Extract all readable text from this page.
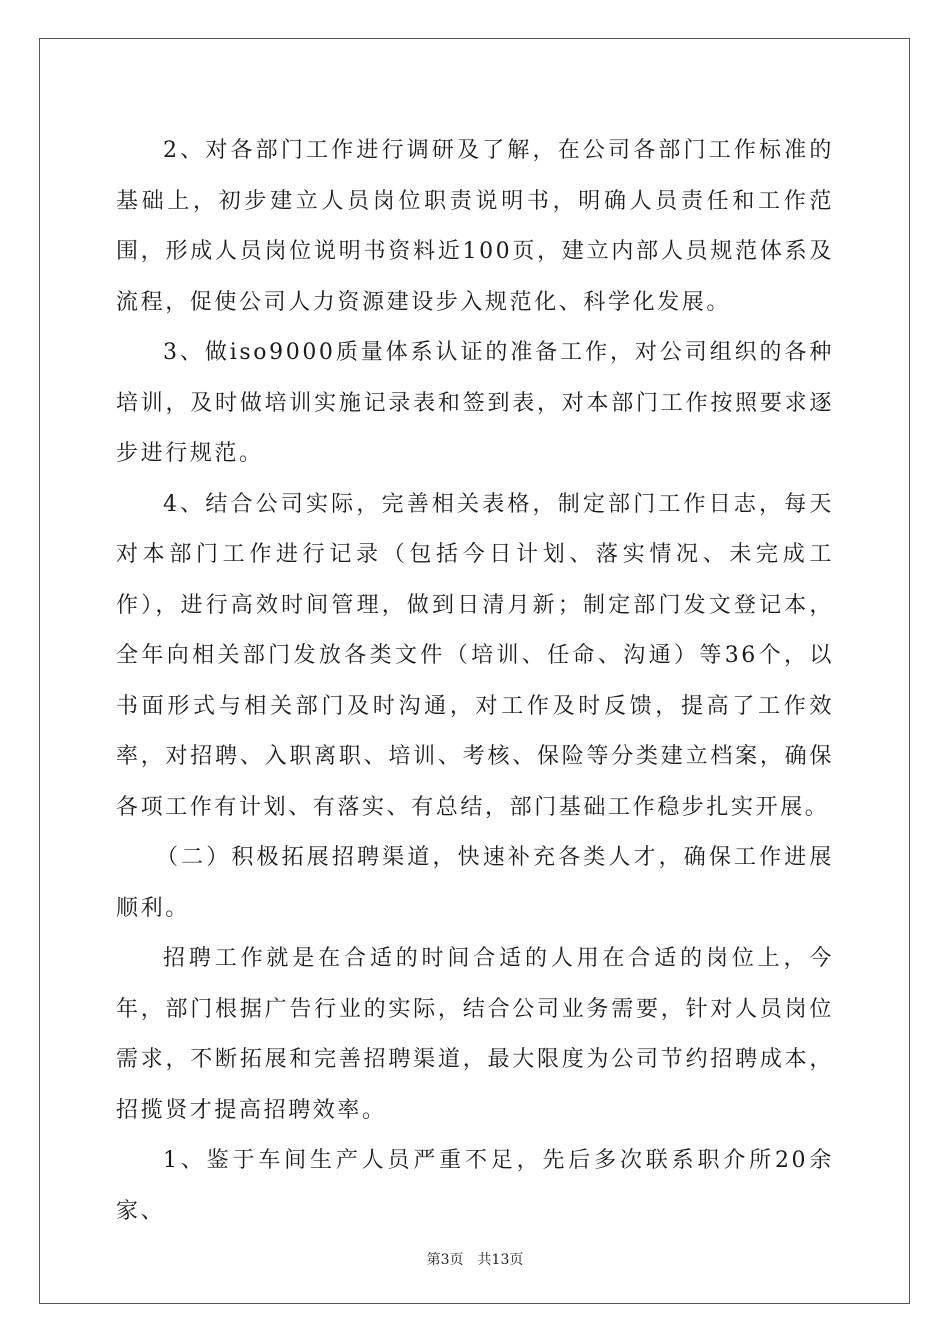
2、对各部门工作进行调研及了解，在公司各部门工作标准的基础上，初步建立人员岗位职责说明书，明确人员责任和工作范围，形成人员岗位说明书资料近100页，建立内部人员规范体系及流程，促使公司人力资源建设步入规范化、科学化发展。

3、做iso9000质量体系认证的准备工作，对公司组织的各种培训，及时做培训实施记录表和签到表，对本部门工作按照要求逐步进行规范。

4、结合公司实际，完善相关表格，制定部门工作日志，每天对本部门工作进行记录（包括今日计划、落实情况、未完成工作），进行高效时间管理，做到日清月新；制定部门发文登记本，全年向相关部门发放各类文件（培训、任命、沟通）等36个，以书面形式与相关部门及时沟通，对工作及时反馈，提高了工作效率，对招聘、入职离职、培训、考核、保险等分类建立档案，确保各项工作有计划、有落实、有总结，部门基础工作稳步扎实开展。

（二）积极拓展招聘渠道，快速补充各类人才，确保工作进展顺利。

招聘工作就是在合适的时间合适的人用在合适的岗位上，今年，部门根据广告行业的实际，结合公司业务需要，针对人员岗位需求，不断拓展和完善招聘渠道，最大限度为公司节约招聘成本，招揽贤才提高招聘效率。

1、鉴于车间生产人员严重不足，先后多次联系职介所20余家、

第3页 共13页
